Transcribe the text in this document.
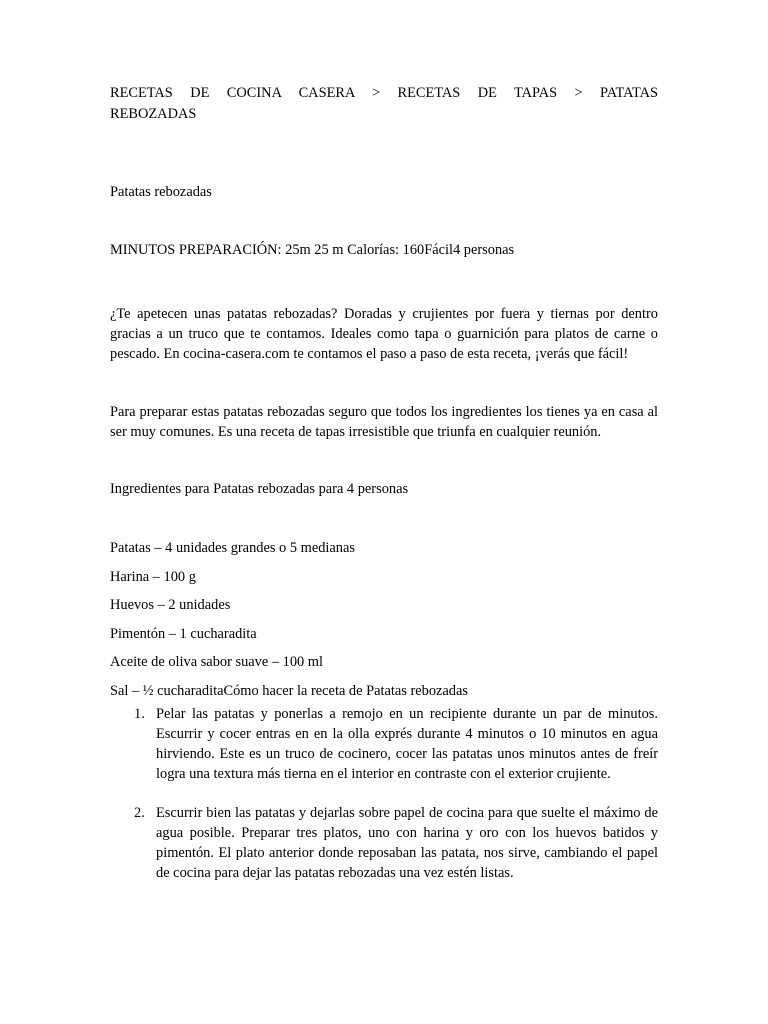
RECETAS DE COCINA CASERA > RECETAS DE TAPAS > PATATAS
REBOZADAS

Patatas rebozadas

MINUTOS PREPARACIÓN: 25m 25 m Calorías: 160Fácil4 personas

¿Te apetecen unas patatas rebozadas? Doradas y crujientes por fuera y tiernas por dentro gracias a un truco que te contamos. Ideales como tapa o guarnición para platos de carne o pescado. En cocina-casera.com te contamos el paso a paso de esta receta, ¡verás que fácil!

Para preparar estas patatas rebozadas seguro que todos los ingredientes los tienes ya en casa al ser muy comunes. Es una receta de tapas irresistible que triunfa en cualquier reunión.

Ingredientes para Patatas rebozadas para 4 personas

Patatas – 4 unidades grandes o 5 medianas
Harina – 100 g
Huevos – 2 unidades
Pimentón – 1 cucharadita
Aceite de oliva sabor suave – 100 ml
Sal – ½ cucharaditaCómo hacer la receta de Patatas rebozadas
1. Pelar las patatas y ponerlas a remojo en un recipiente durante un par de minutos. Escurrir y cocer entras en en la olla exprés durante 4 minutos o 10 minutos en agua hirviendo. Este es un truco de cocinero, cocer las patatas unos minutos antes de freír logra una textura más tierna en el interior en contraste con el exterior crujiente.
2. Escurrir bien las patatas y dejarlas sobre papel de cocina para que suelte el máximo de agua posible. Preparar tres platos, uno con harina y oro con los huevos batidos y pimentón. El plato anterior donde reposaban las patata, nos sirve, cambiando el papel de cocina para dejar las patatas rebozadas una vez estén listas.
